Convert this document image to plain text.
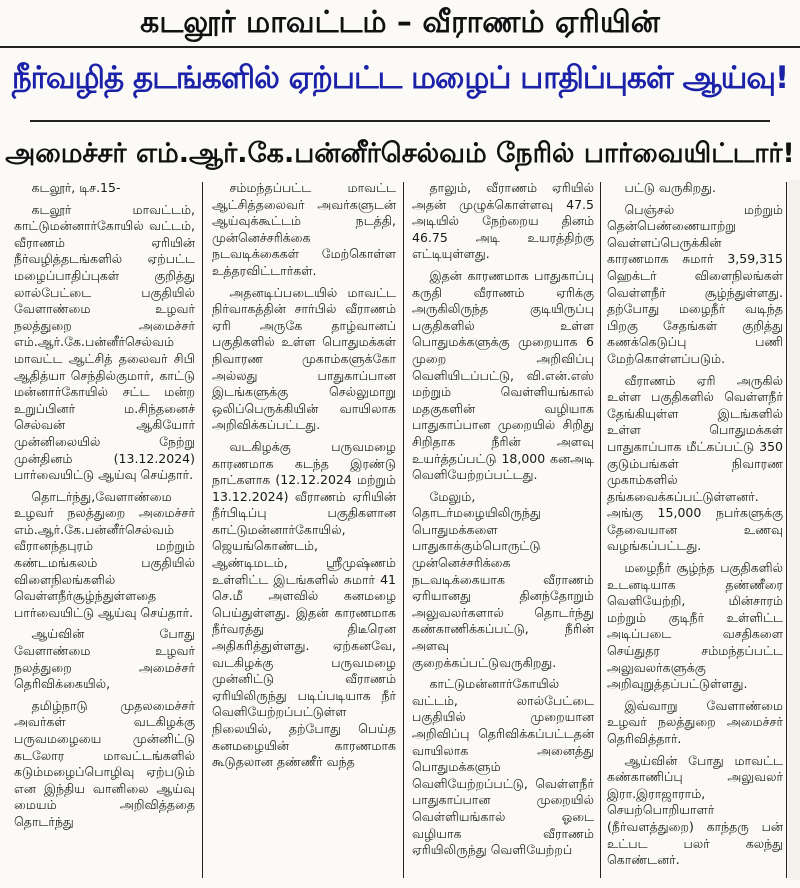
கடலூர் மாவட்டம் – வீராணம் ஏரியின்
நீர்வழித் தடங்களில் ஏற்பட்ட மழைப் பாதிப்புகள் ஆய்வு!
அமைச்சர் எம்.ஆர்.கே.பன்னீர்செல்வம் நேரில் பார்வையிட்டார்!

கடலூர், டிச.15-

கடலூர் மாவட்டம், காட்டுமன்னார்கோயில் வட்டம், வீராணம் ஏரியின் நீர்வழித்தடங்களில் ஏற்பட்ட மழைப்பாதிப்புகள் குறித்து லால்பேட்டை பகுதியில் வேளாண்மை உழவர் நலத்துறை அமைச்சர் எம்.ஆர்.கே.பன்னீர்செல்வம் மாவட்ட ஆட்சித் தலைவர் சிபி ஆதித்யா செந்தில்குமார், காட்டு மன்னார்கோயில் சட்ட மன்ற உறுப்பினர் ம.சிந்தனைச் செல்வன் ஆகியோர் முன்னிலையில் நேற்று முன்தினம் (13.12.2024) பார்வையிட்டு ஆய்வு செய்தார்.

தொடர்ந்து,வேளாண்மை உழவர் நலத்துறை அமைச்சர் எம்.ஆர்.கே.பன்னீர்செல்வம் வீரானந்தபுரம் மற்றும் கண்டமங்கலம் பகுதியில் விளைநிலங்களில் வெள்ளநீர்சூழ்ந்துள்ளதை பார்வையிட்டு ஆய்வு செய்தார்.

ஆய்வின் போது வேளாண்மை உழவர் நலத்துறை அமைச்சர் தெரிவிக்கையில்,

தமிழ்நாடு முதலமைச்சர் அவர்கள் வடகிழக்கு பருவமழையை முன்னிட்டு கடலோர மாவட்டங்களில் கடும்மழைப்பொழிவு ஏற்படும் என இந்திய வானிலை ஆய்வு மையம் அறிவித்ததை தொடர்ந்து

சம்மந்தப்பட்ட மாவட்ட ஆட்சித்தலைவர் அவர்களுடன் ஆய்வுக்கூட்டம் நடத்தி, முன்னெச்சரிக்கை நடவடிக்கைகள் மேற்கொள்ள உத்தரவிட்டார்கள்.

அதனடிப்படையில் மாவட்ட நிர்வாகத்தின் சார்பில் வீராணம் ஏரி அருகே தாழ்வானப் பகுதிகளில் உள்ள பொதுமக்கள் நிவாரண முகாம்களுக்கோ அல்லது பாதுகாப்பான இடங்களுக்கு செல்லுமாறு ஒலிப்பெருக்கியின் வாயிலாக அறிவிக்கப்பட்டது.

வடகிழக்கு பருவமழை காரணமாக கடந்த இரண்டு நாட்களாக (12.12.2024 மற்றும் 13.12.2024) வீராணம் ஏரியின் நீர்பிடிப்பு பகுதிகளான காட்டுமன்னார்கோயில், ஜெயங்கொண்டம், ஆண்டிமடம், ஸ்ரீமுஷ்ணம் உள்ளிட்ட இடங்களில் சுமார் 41 செ.மீ அளவில் கனமழை பெய்துள்ளது. இதன் காரணமாக நீர்வரத்து திடீரென அதிகரித்துள்ளது. ஏற்கனவே, வடகிழக்கு பருவமழை முன்னிட்டு வீராணம் ஏரியிலிருந்து படிப்படியாக நீர் வெளியேற்றப்பட்டுள்ள நிலையில், தற்போது பெய்த கனமழையின் காரணமாக கூடுதலான தண்ணீர் வந்த

தாலும், வீராணம் ஏரியில் அதன் முழுக்கொள்ளவு 47.5 அடியில் நேற்றைய தினம் 46.75 அடி உயரத்திற்கு எட்டியுள்ளது.

இதன் காரணமாக பாதுகாப்பு கருதி வீராணம் ஏரிக்கு அருகிலிருந்த குடியிருப்பு பகுதிகளில் உள்ள பொதுமக்களுக்கு முறையாக 6 முறை அறிவிப்பு வெளியிடப்பட்டு, வி.என்.எஸ் மற்றும் வெள்ளியங்கால் மதகுகளின் வழியாக பாதுகாப்பான முறையில் சிறிது சிறிதாக நீரின் அளவு உயர்த்தப்பட்டு 18,000 கனஅடி வெளியேற்றப்பட்டது.

மேலும், தொடர்மழையிலிருந்து பொதுமக்களை பாதுகாக்கும்பொருட்டு முன்னெச்சரிக்கை நடவடிக்கையாக வீராணம் ஏரியானது தினந்தோறும் அலுவலர்களால் தொடர்ந்து கண்காணிக்கப்பட்டு, நீரின் அளவு குறைக்கப்பட்டுவருகிறது.

காட்டுமன்னார்கோயில் வட்டம், லால்பேட்டை பகுதியில் முறையான அறிவிப்பு தெரிவிக்கப்பட்டதன் வாயிலாக அனைத்து பொதுமக்களும் வெளியேற்றப்பட்டு, வெள்ளநீர் பாதுகாப்பான முறையில் வெள்ளியங்கால் ஓடை வழியாக வீராணம் ஏரியிலிருந்து வெளியேற்றப்

பட்டு வருகிறது.

பெஞ்சல் மற்றும் தென்பெண்ணையாற்று வெள்ளப்பெருக்கின் காரணமாக சுமார் 3,59,315 ஹெக்டர் விளைநிலங்கள் வெள்ளநீர் சூழ்ந்துள்ளது. தற்போது மழைநீர் வடிந்த பிறகு சேதங்கள் குறித்து கணக்கெடுப்பு பணி மேற்கொள்ளப்படும்.

வீராணம் ஏரி அருகில் உள்ள பகுதிகளில் வெள்ளநீர் தேங்கியுள்ள இடங்களில் உள்ள பொதுமக்கள் பாதுகாப்பாக மீட்கப்பட்டு 350 குடும்பங்கள் நிவாரண முகாம்களில் தங்கவைக்கப்பட்டுள்ளனர். அங்கு 15,000 நபர்களுக்கு தேவையான உணவு வழங்கப்பட்டது.

மழைநீர் சூழ்ந்த பகுதிகளில் உடனடியாக தண்ணீரை வெளியேற்றி, மின்சாரம் மற்றும் குடிநீர் உள்ளிட்ட அடிப்படை வசதிகளை செய்துதர சம்மந்தப்பட்ட அலுவலர்களுக்கு அறிவுறுத்தப்பட்டுள்ளது.

இவ்வாறு வேளாண்மை உழவர் நலத்துறை அமைச்சர் தெரிவித்தார்.

ஆய்வின் போது மாவட்ட கண்காணிப்பு அலுவலர் இரா.இராஜாராம், செயற்பொறியாளர் (நீர்வளத்துறை) காந்தரு பன் உட்பட பலர் கலந்து கொண்டனர்.
